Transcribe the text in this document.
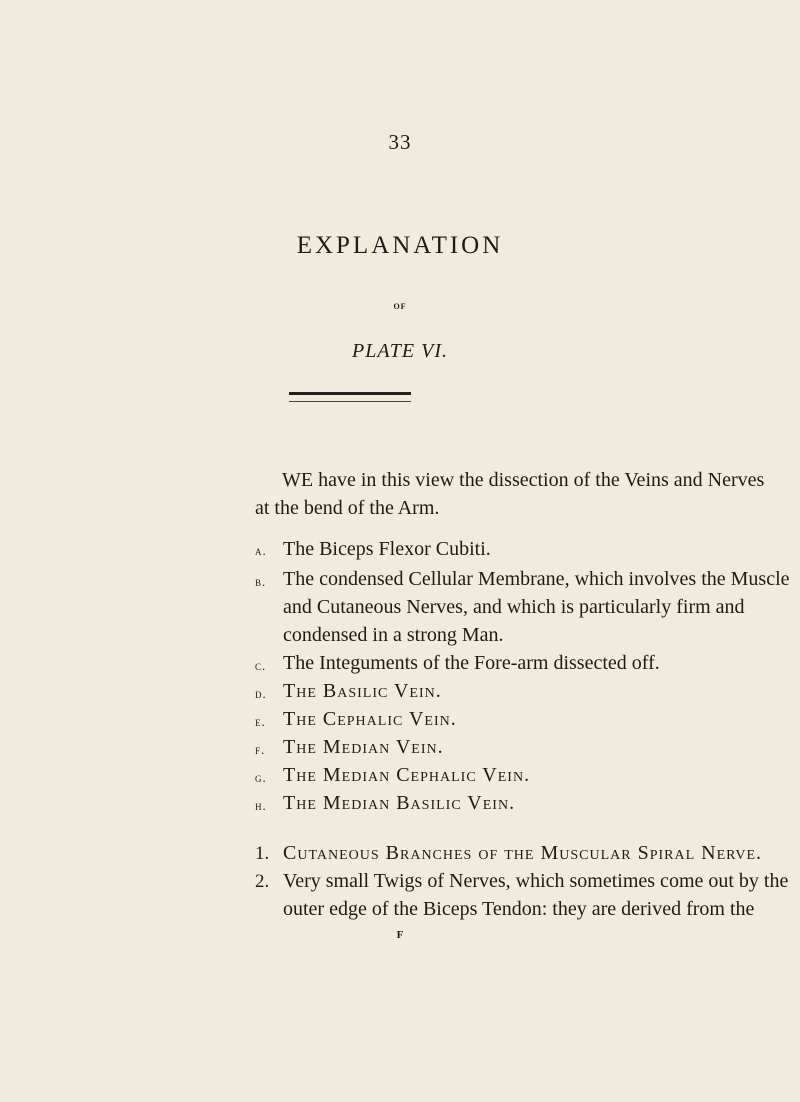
33
EXPLANATION
OF
PLATE VI.
WE have in this view the dissection of the Veins and Nerves
at the bend of the Arm.
a. The Biceps Flexor Cubiti.
b. The condensed Cellular Membrane, which involves the Muscle
and Cutaneous Nerves, and which is particularly firm and
condensed in a strong Man.
c. The Integuments of the Fore-arm dissected off.
d. The Basilic Vein.
e. The Cephalic Vein.
f. The Median Vein.
g. The Median Cephalic Vein.
h. The Median Basilic Vein.
1. Cutaneous Branches of the Muscular Spiral Nerve.
2. Very small Twigs of Nerves, which sometimes come out by the
outer edge of the Biceps Tendon: they are derived from the
F
